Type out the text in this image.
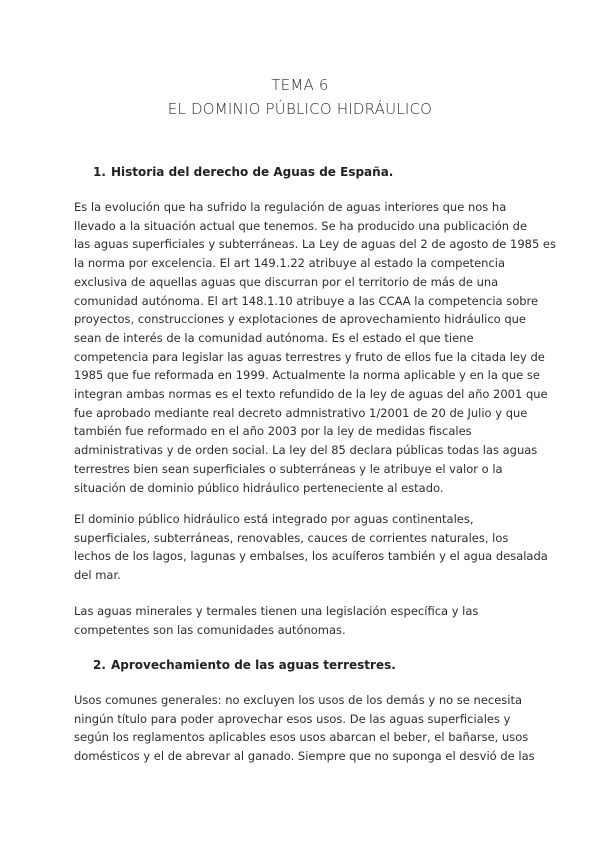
TEMA 6
EL DOMINIO PÚBLICO HIDRÁULICO
1. Historia del derecho de Aguas de España.
Es la evolución que ha sufrido la regulación de aguas interiores que nos ha
llevado a la situación actual que tenemos. Se ha producido una publicación de
las aguas superficiales y subterráneas. La Ley de aguas del 2 de agosto de 1985 es
la norma por excelencia. El art 149.1.22 atribuye al estado la competencia
exclusiva de aquellas aguas que discurran por el territorio de más de una
comunidad autónoma. El art 148.1.10 atribuye a las CCAA la competencia sobre
proyectos, construcciones y explotaciones de aprovechamiento hidráulico que
sean de interés de la comunidad autónoma. Es el estado el que tiene
competencia para legislar las aguas terrestres y fruto de ellos fue la citada ley de
1985 que fue reformada en 1999. Actualmente la norma aplicable y en la que se
integran ambas normas es el texto refundido de la ley de aguas del año 2001 que
fue aprobado mediante real decreto admnistrativo 1/2001 de 20 de Julio y que
también fue reformado en el año 2003 por la ley de medidas fiscales
administrativas y de orden social. La ley del 85 declara públicas todas las aguas
terrestres bien sean superficiales o subterráneas y le atribuye el valor o la
situación de dominio público hidráulico perteneciente al estado.
El dominio público hidráulico está integrado por aguas continentales,
superficiales, subterráneas, renovables, cauces de corrientes naturales, los
lechos de los lagos, lagunas y embalses, los acuíferos también y el agua desalada
del mar.
Las aguas minerales y termales tienen una legislación específica y las
competentes son las comunidades autónomas.
2. Aprovechamiento de las aguas terrestres.
Usos comunes generales: no excluyen los usos de los demás y no se necesita
ningún título para poder aprovechar esos usos. De las aguas superficiales y
según los reglamentos aplicables esos usos abarcan el beber, el bañarse, usos
domésticos y el de abrevar al ganado. Siempre que no suponga el desvió de las
